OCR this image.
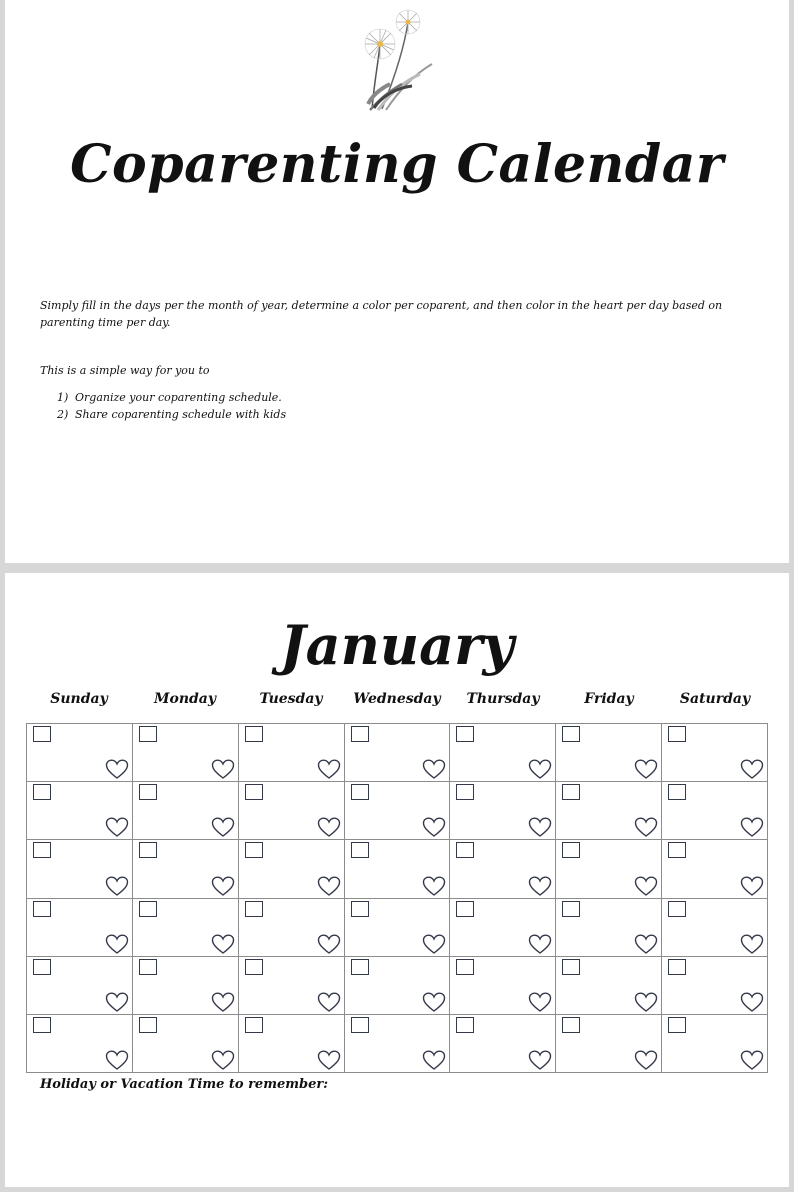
Coparenting Calendar
Simply fill in the days per the month of year, determine a color per coparent, and then color in the heart per day based on parenting time per day.
This is a simple way for you to
1) Organize your coparenting schedule.
2) Share coparenting schedule with kids
January
Sunday	Monday	Tuesday	Wednesday	Thursday	Friday	Saturday
Holiday or Vacation Time to remember:
